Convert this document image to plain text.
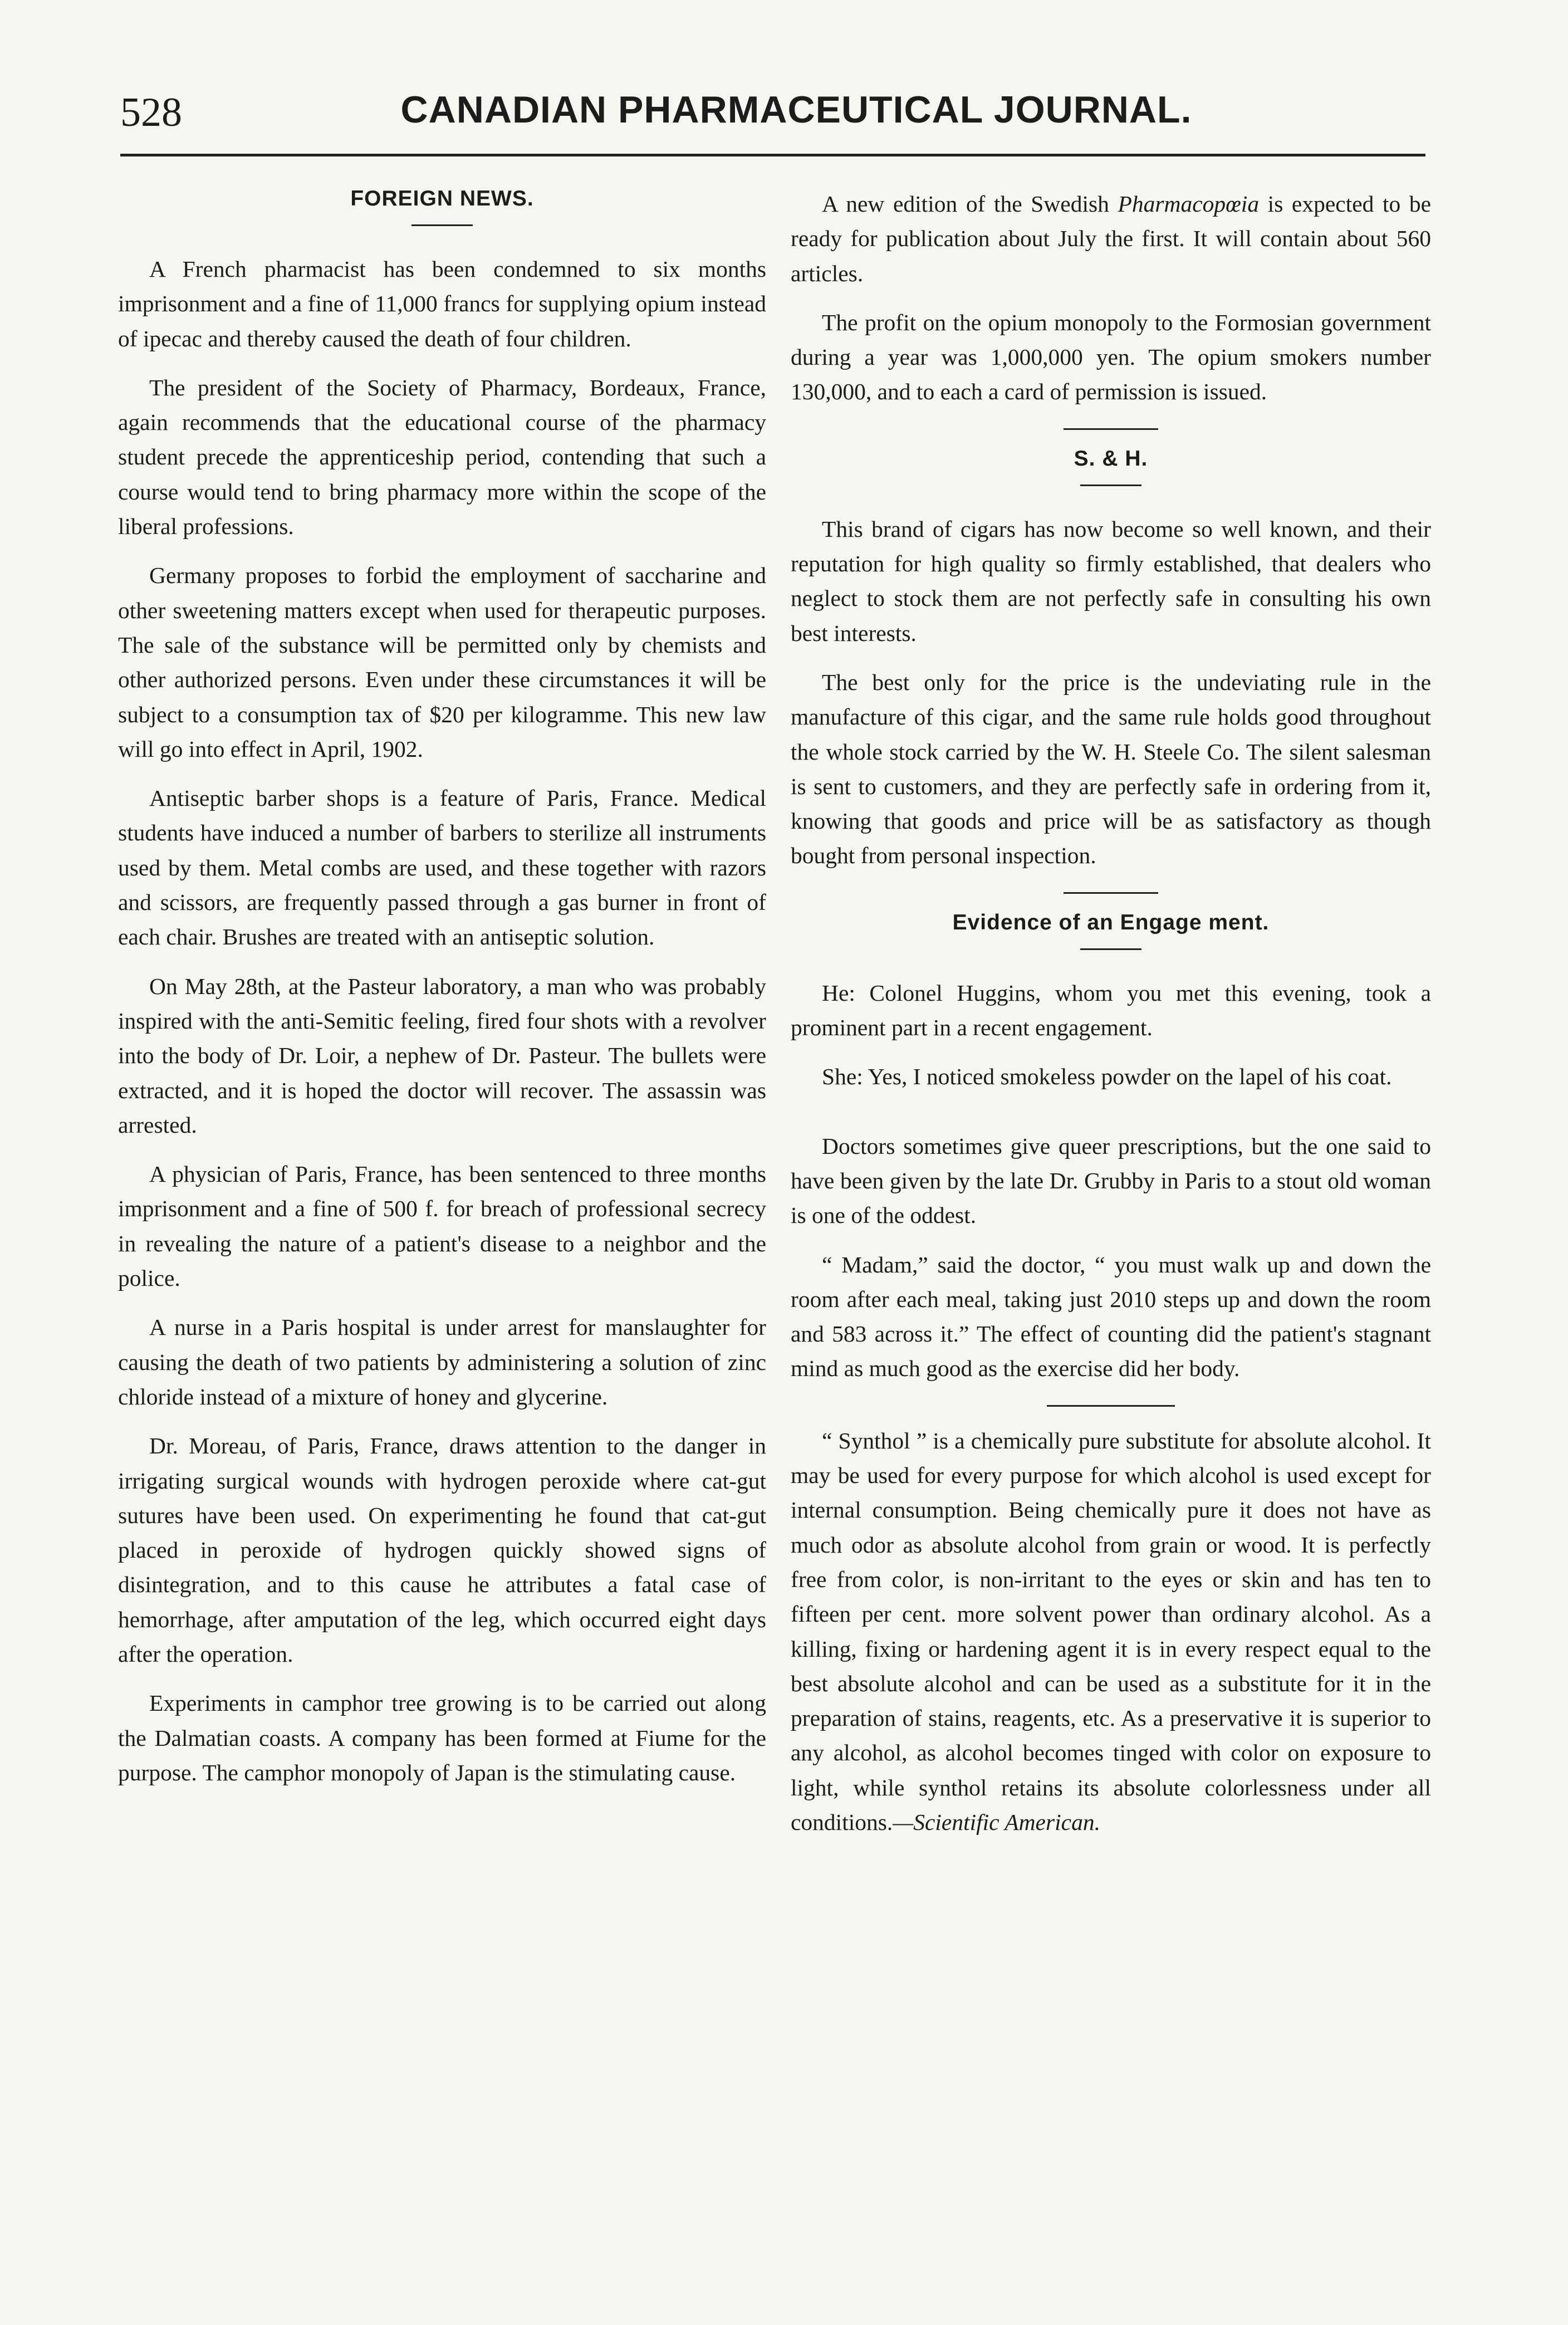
528	CANADIAN PHARMACEUTICAL JOURNAL.
FOREIGN NEWS.

A French pharmacist has been condemned to six months imprisonment and a fine of 11,000 francs for supplying opium instead of ipecac and thereby caused the death of four children.

The president of the Society of Pharmacy, Bordeaux, France, again recommends that the educational course of the pharmacy student precede the apprenticeship period, contending that such a course would tend to bring pharmacy more within the scope of the liberal professions.

Germany proposes to forbid the employment of saccharine and other sweetening matters except when used for therapeutic purposes. The sale of the substance will be permitted only by chemists and other authorized persons. Even under these circumstances it will be subject to a consumption tax of $20 per kilogramme. This new law will go into effect in April, 1902.

Antiseptic barber shops is a feature of Paris, France. Medical students have induced a number of barbers to sterilize all instruments used by them. Metal combs are used, and these together with razors and scissors, are frequently passed through a gas burner in front of each chair. Brushes are treated with an antiseptic solution.

On May 28th, at the Pasteur laboratory, a man who was probably inspired with the anti-Semitic feeling, fired four shots with a revolver into the body of Dr. Loir, a nephew of Dr. Pasteur. The bullets were extracted, and it is hoped the doctor will recover. The assassin was arrested.

A physician of Paris, France, has been sentenced to three months imprisonment and a fine of 500 f. for breach of professional secrecy in revealing the nature of a patient's disease to a neighbor and the police.

A nurse in a Paris hospital is under arrest for manslaughter for causing the death of two patients by administering a solution of zinc chloride instead of a mixture of honey and glycerine.

Dr. Moreau, of Paris, France, draws attention to the danger in irrigating surgical wounds with hydrogen peroxide where cat-gut sutures have been used. On experimenting he found that cat-gut placed in peroxide of hydrogen quickly showed signs of disintegration, and to this cause he attributes a fatal case of hemorrhage, after amputation of the leg, which occurred eight days after the operation.

Experiments in camphor tree growing is to be carried out along the Dalmatian coasts. A company has been formed at Fiume for the purpose. The camphor monopoly of Japan is the stimulating cause.

A new edition of the Swedish Pharmacopœia is expected to be ready for publication about July the first. It will contain about 560 articles.

The profit on the opium monopoly to the Formosian government during a year was 1,000,000 yen. The opium smokers number 130,000, and to each a card of permission is issued.

S. & H.

This brand of cigars has now become so well known, and their reputation for high quality so firmly established, that dealers who neglect to stock them are not perfectly safe in consulting his own best interests.

The best only for the price is the undeviating rule in the manufacture of this cigar, and the same rule holds good throughout the whole stock carried by the W. H. Steele Co. The silent salesman is sent to customers, and they are perfectly safe in ordering from it, knowing that goods and price will be as satisfactory as though bought from personal inspection.

Evidence of an Engage ment.

He: Colonel Huggins, whom you met this evening, took a prominent part in a recent engagement.

She: Yes, I noticed smokeless powder on the lapel of his coat.

Doctors sometimes give queer prescriptions, but the one said to have been given by the late Dr. Grubby in Paris to a stout old woman is one of the oddest.

“ Madam,” said the doctor, “ you must walk up and down the room after each meal, taking just 2010 steps up and down the room and 583 across it.” The effect of counting did the patient's stagnant mind as much good as the exercise did her body.

“ Synthol ” is a chemically pure substitute for absolute alcohol. It may be used for every purpose for which alcohol is used except for internal consumption. Being chemically pure it does not have as much odor as absolute alcohol from grain or wood. It is perfectly free from color, is non-irritant to the eyes or skin and has ten to fifteen per cent. more solvent power than ordinary alcohol. As a killing, fixing or hardening agent it is in every respect equal to the best absolute alcohol and can be used as a substitute for it in the preparation of stains, reagents, etc. As a preservative it is superior to any alcohol, as alcohol becomes tinged with color on exposure to light, while synthol retains its absolute colorlessness under all conditions.—Scientific American.
